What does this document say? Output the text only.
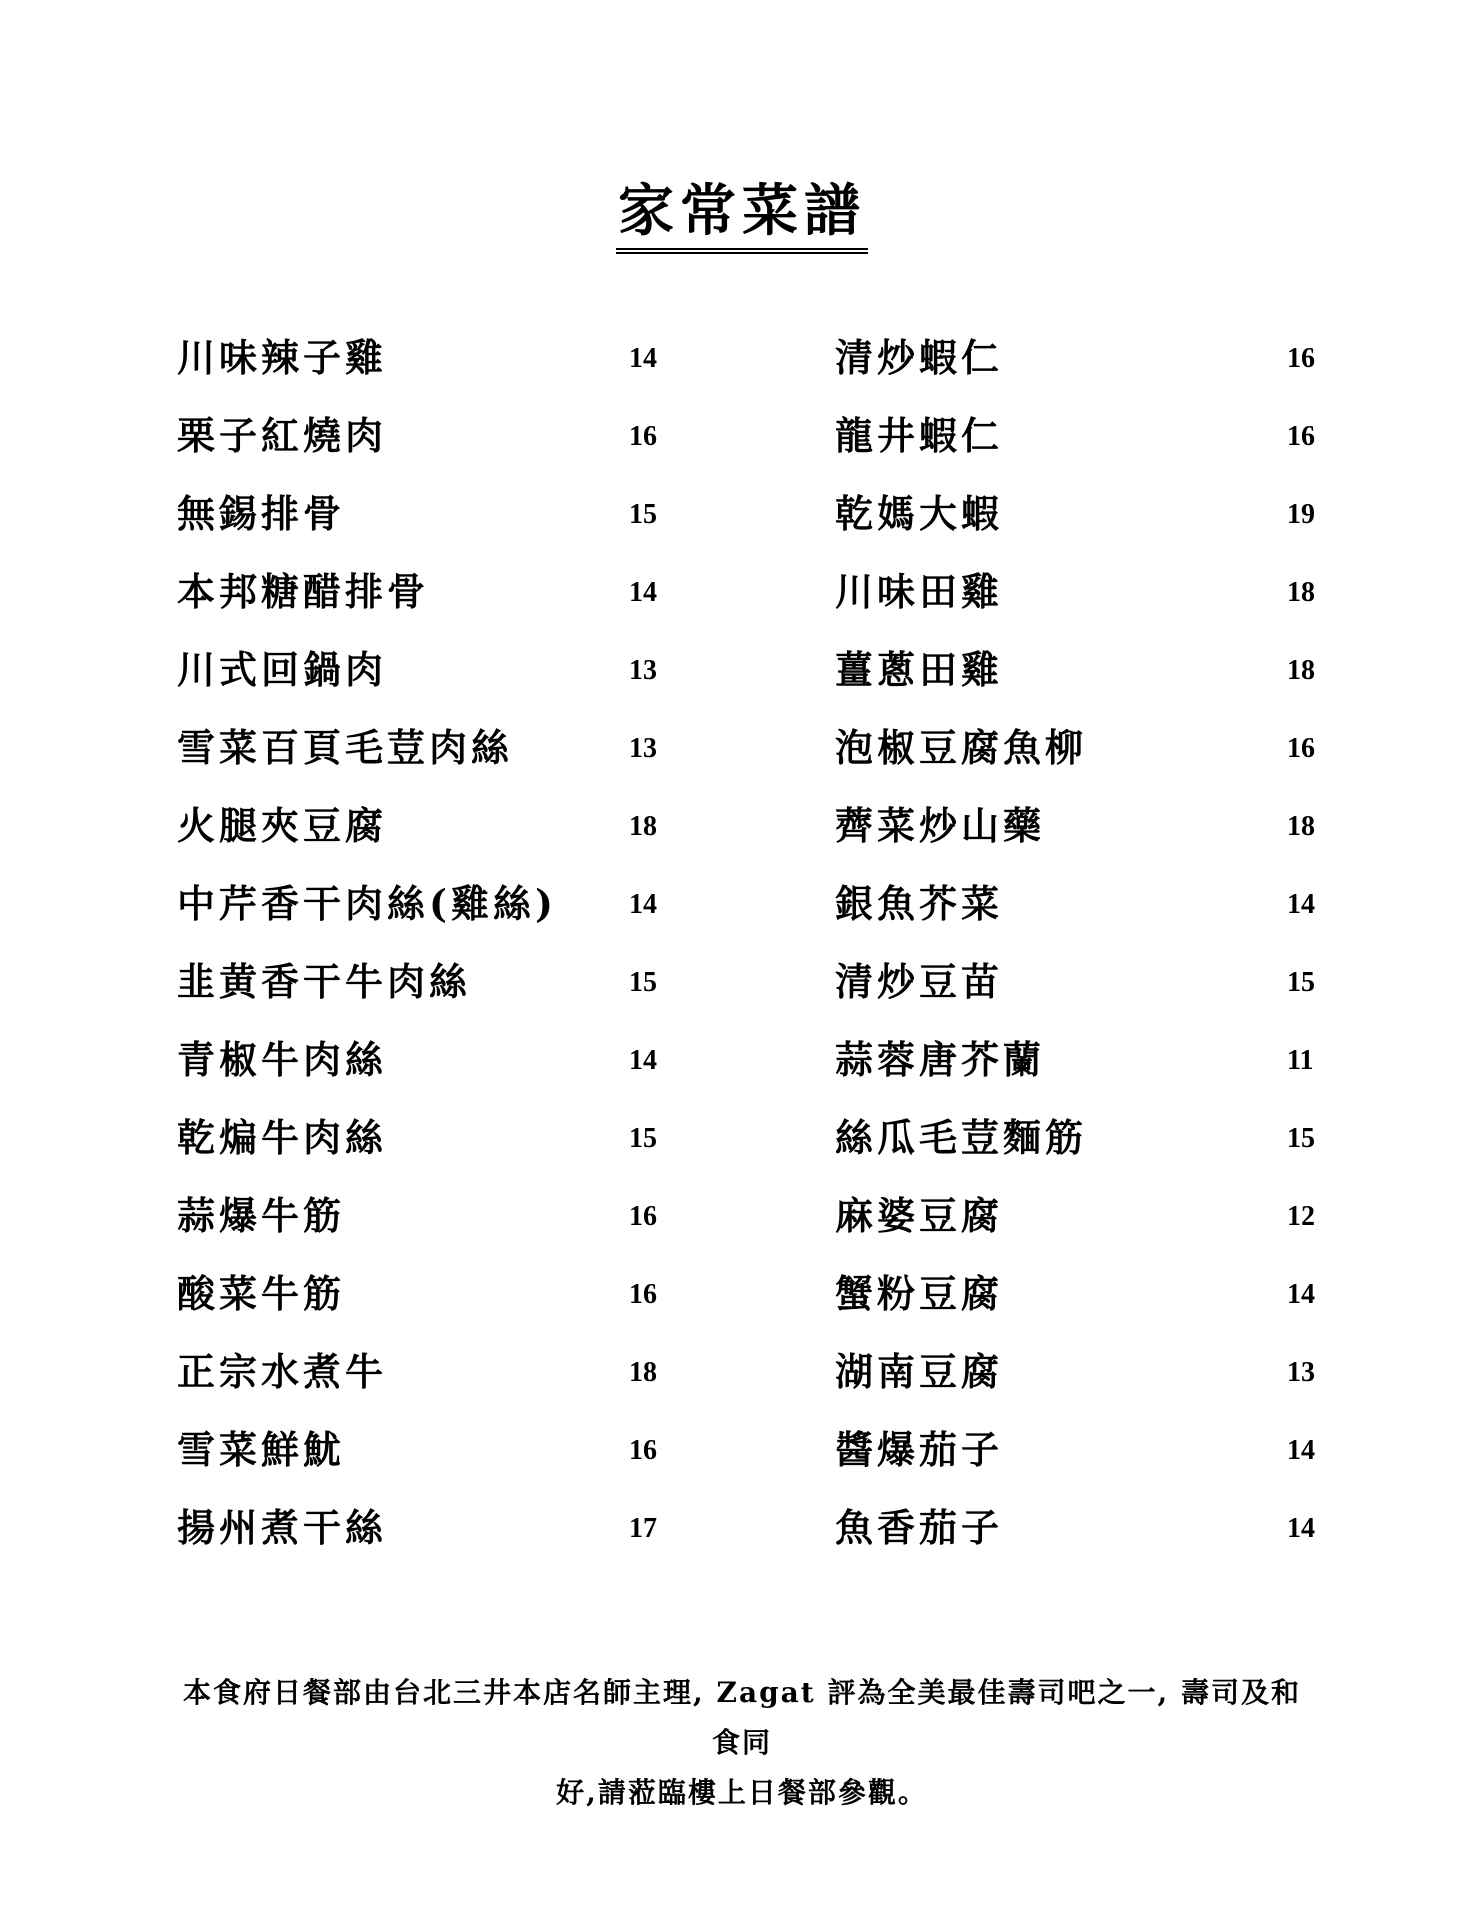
家常菜譜
川味辣子雞	14
栗子紅燒肉	16
無錫排骨	15
本邦糖醋排骨	14
川式回鍋肉	13
雪菜百頁毛荳肉絲	13
火腿夾豆腐	18
中芹香干肉絲(雞絲)	14
韭黄香干牛肉絲	15
青椒牛肉絲	14
乾煸牛肉絲	15
蒜爆牛筋	16
酸菜牛筋	16
正宗水煮牛	18
雪菜鮮魷	16
揚州煮干絲	17
清炒蝦仁	16
龍井蝦仁	16
乾媽大蝦	19
川味田雞	18
薑蔥田雞	18
泡椒豆腐魚柳	16
薺菜炒山藥	18
銀魚芥菜	14
清炒豆苗	15
蒜蓉唐芥蘭	11
絲瓜毛荳麵筋	15
麻婆豆腐	12
蟹粉豆腐	14
湖南豆腐	13
醬爆茄子	14
魚香茄子	14
本食府日餐部由台北三井本店名師主理, Zagat 評為全美最佳壽司吧之一, 壽司及和食同
好,請蒞臨樓上日餐部參觀。
